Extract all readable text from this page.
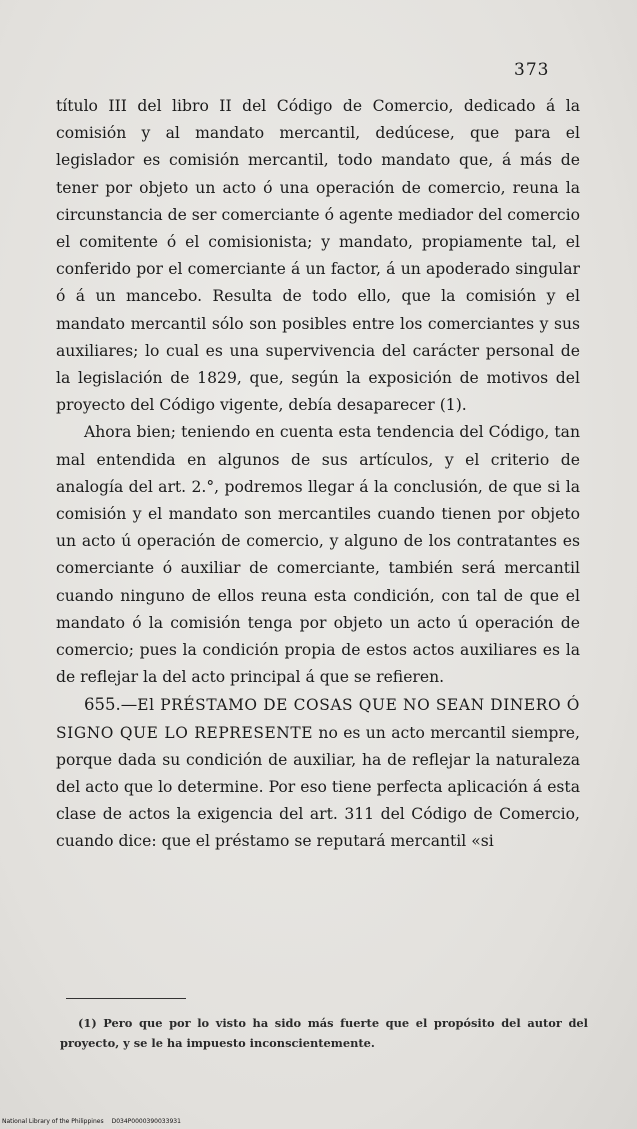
373

título III del libro II del Código de Comercio, dedicado á la comisión y al mandato mercantil, dedúcese, que para el legislador es comisión mercantil, todo mandato que, á más de tener por objeto un acto ó una operación de comercio, reuna la circunstancia de ser comerciante ó agente mediador del comercio el comitente ó el comisionista; y mandato, propiamente tal, el conferido por el comerciante á un factor, á un apoderado singular ó á un mancebo. Resulta de todo ello, que la comisión y el mandato mercantil sólo son posibles entre los comerciantes y sus auxiliares; lo cual es una supervivencia del carácter personal de la legislación de 1829, que, según la exposición de motivos del proyecto del Código vigente, debía desaparecer (1).

Ahora bien; teniendo en cuenta esta tendencia del Código, tan mal entendida en algunos de sus artículos, y el criterio de analogía del art. 2.°, podremos llegar á la conclusión, de que si la comisión y el mandato son mercantiles cuando tienen por objeto un acto ú operación de comercio, y alguno de los contratantes es comerciante ó auxiliar de comerciante, también será mercantil cuando ninguno de ellos reuna esta condición, con tal de que el mandato ó la comisión tenga por objeto un acto ú operación de comercio; pues la condición propia de estos actos auxiliares es la de reflejar la del acto principal á que se refieren.

655.—El PRÉSTAMO DE COSAS QUE NO SEAN DINERO Ó SIGNO QUE LO REPRESENTE no es un acto mercantil siempre, porque dada su condición de auxiliar, ha de reflejar la naturaleza del acto que lo determine. Por eso tiene perfecta aplicación á esta clase de actos la exigencia del art. 311 del Código de Comercio, cuando dice: que el préstamo se reputará mercantil «si

(1) Pero que por lo visto ha sido más fuerte que el propósito del autor del proyecto, y se le ha impuesto inconscientemente.
National Library of the Philippines D034P0000390033931
